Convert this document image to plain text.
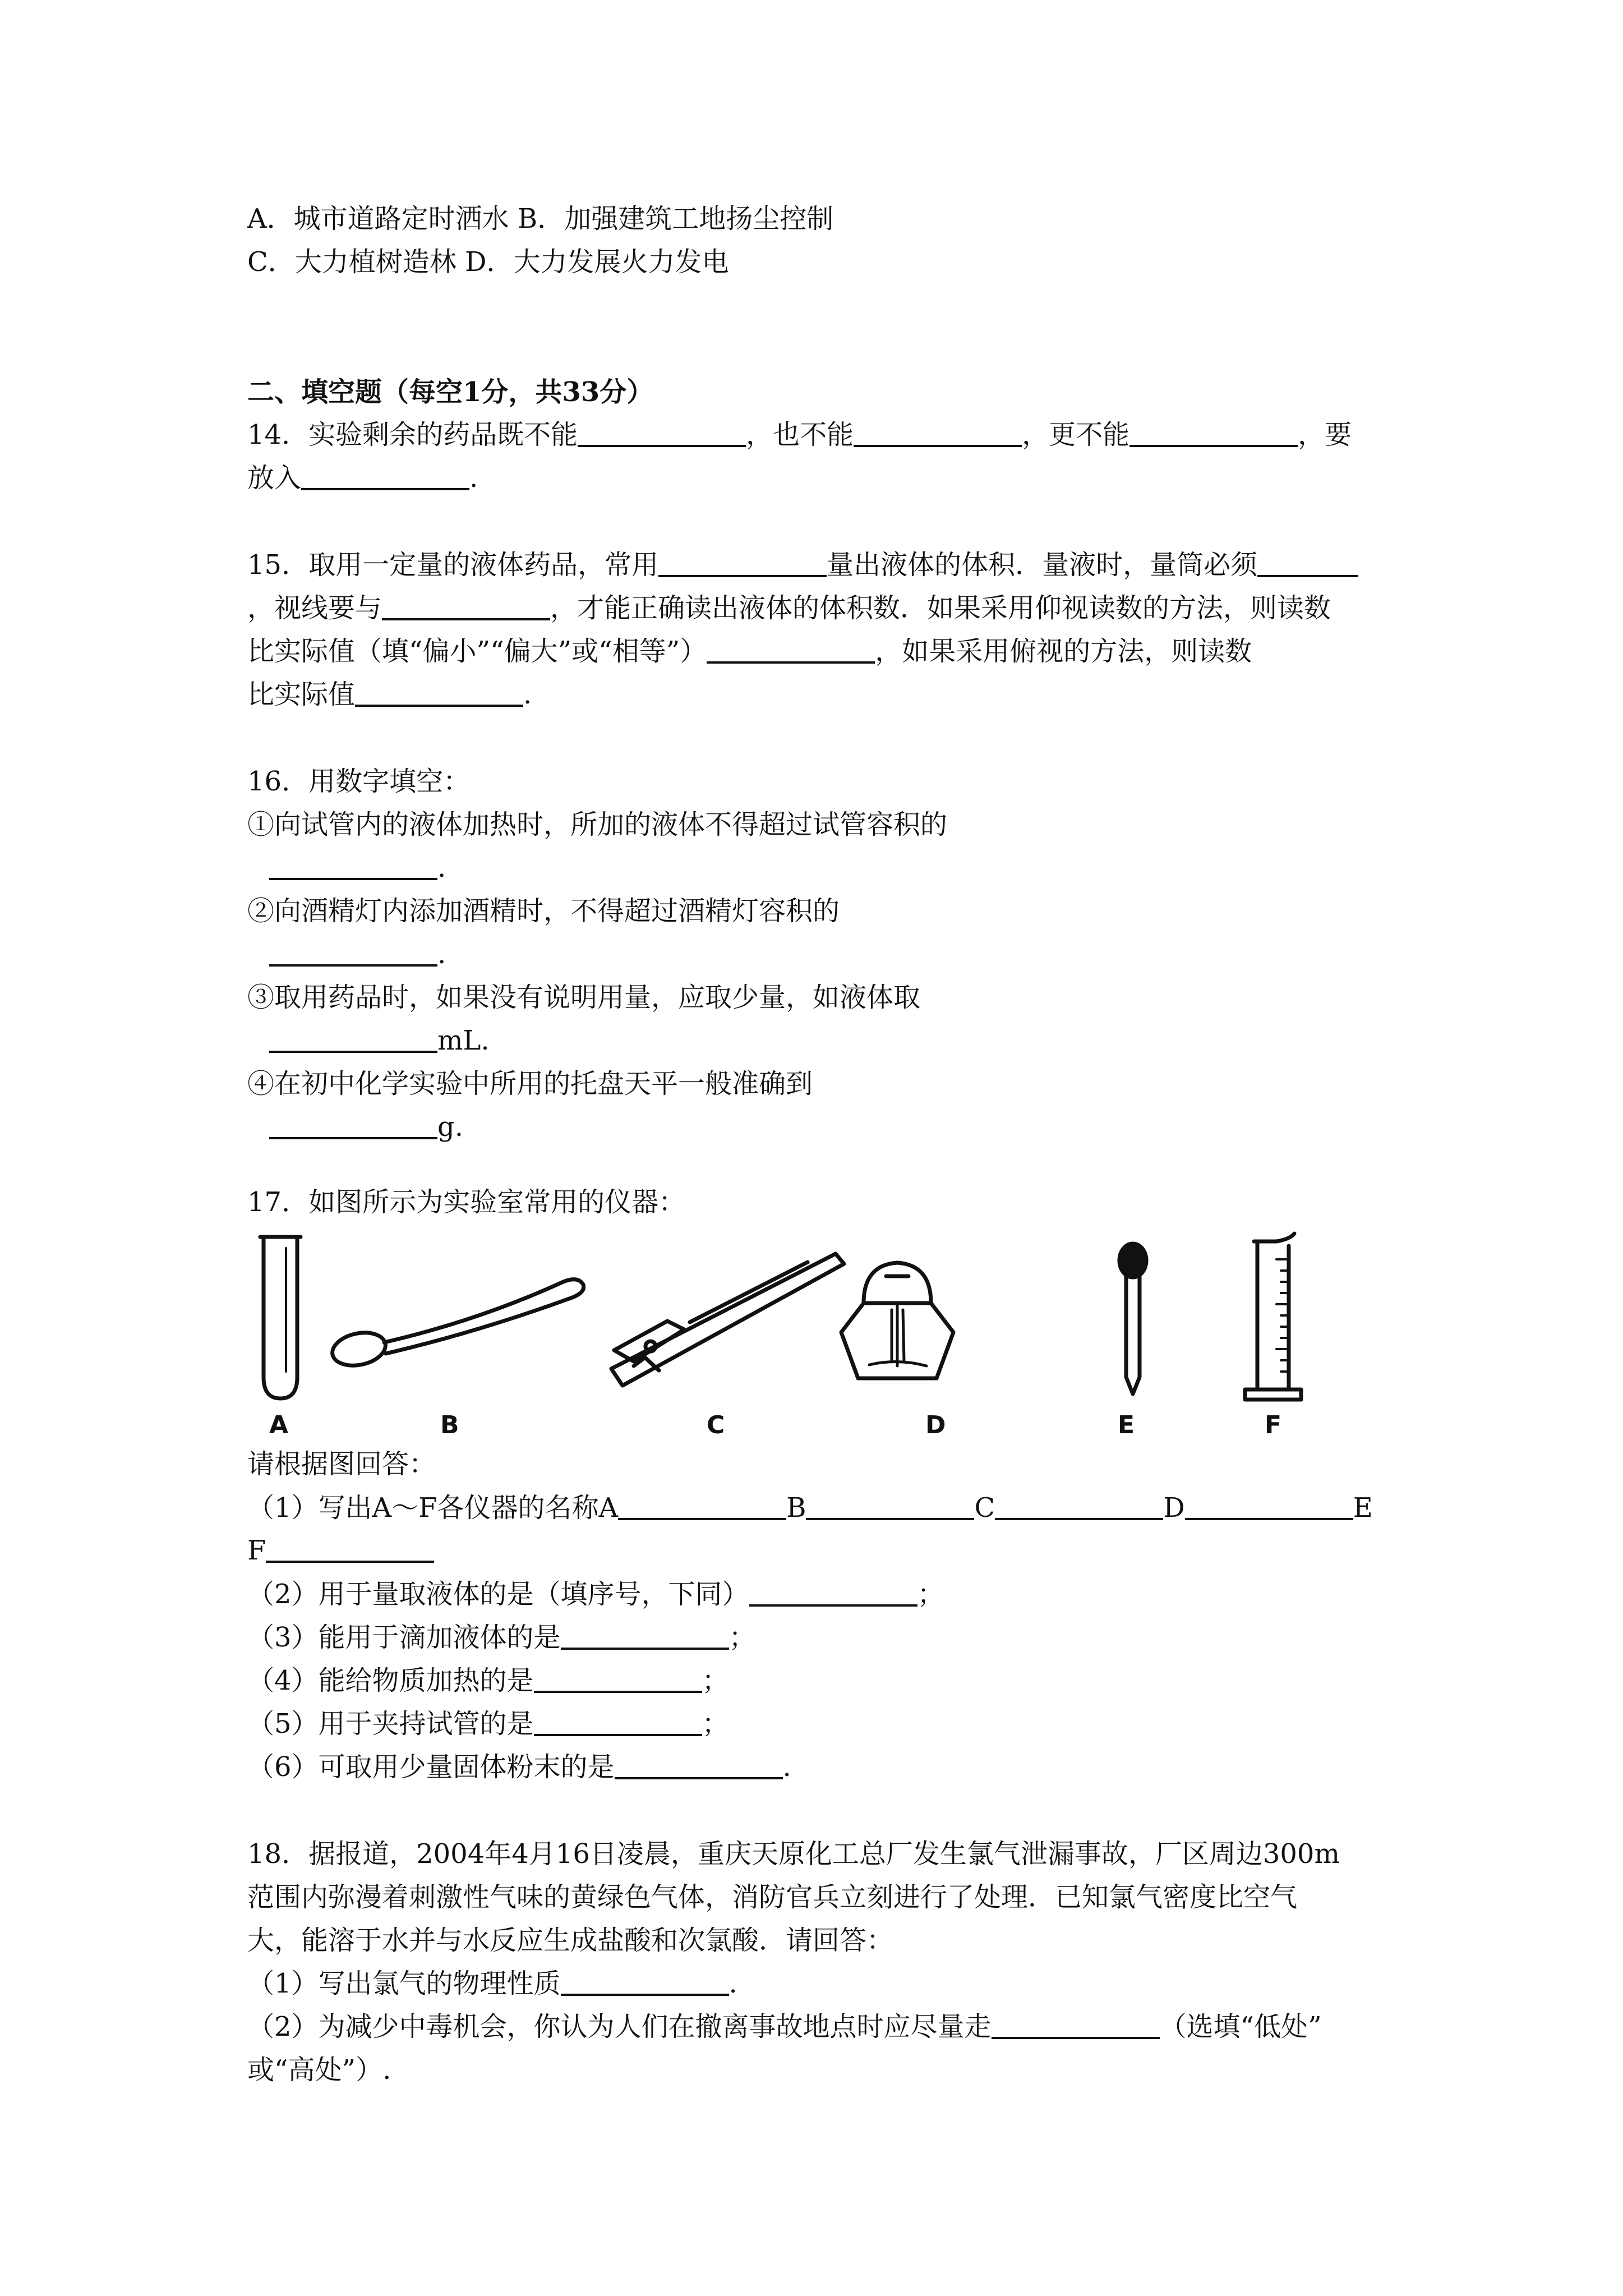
A．城市道路定时洒水 B．加强建筑工地扬尘控制
C．大力植树造林 D．大力发展火力发电
二、填空题（每空1分，共33分）
14．实验剩余的药品既不能	，也不能	，更不能	，要
放入	.
15．取用一定量的液体药品，常用	量出液体的体积．量液时，量筒必须
，视线要与	，才能正确读出液体的体积数．如果采用仰视读数的方法，则读数
比实际值（填“偏小”“偏大”或“相等”）	，如果采用俯视的方法，则读数
比实际值	.
16．用数字填空：
①向试管内的液体加热时，所加的液体不得超过试管容积的
.
②向酒精灯内添加酒精时，不得超过酒精灯容积的
.
③取用药品时，如果没有说明用量，应取少量，如液体取
mL.
④在初中化学实验中所用的托盘天平一般准确到
g.
17．如图所示为实验室常用的仪器：
A	B	C	D	E	F
请根据图回答：
（1）写出A～F各仪器的名称A	B	C	D	E
F
（2）用于量取液体的是（填序号，下同）	；
（3）能用于滴加液体的是	；
（4）能给物质加热的是	；
（5）用于夹持试管的是	；
（6）可取用少量固体粉末的是	.
18．据报道，2004年4月16日凌晨，重庆天原化工总厂发生氯气泄漏事故，厂区周边300m
范围内弥漫着刺激性气味的黄绿色气体，消防官兵立刻进行了处理．已知氯气密度比空气
大，能溶于水并与水反应生成盐酸和次氯酸．请回答：
（1）写出氯气的物理性质	.
（2）为减少中毒机会，你认为人们在撤离事故地点时应尽量走	（选填“低处”
或“高处”）.
